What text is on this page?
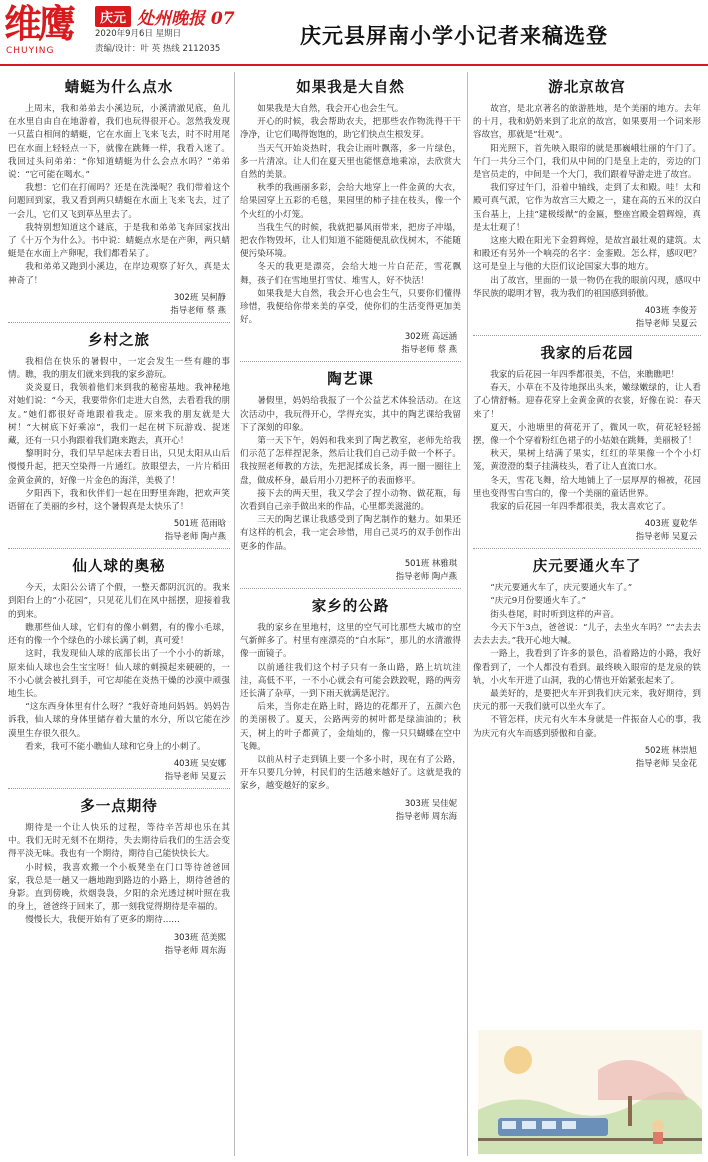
维鹰
CHUYING
庆元 处州晚报 07
2020年9月6日 星期日
责编/设计：叶 英 热线 2112035
庆元县屏南小学小记者来稿选登
蜻蜓为什么点水

上周末，我和弟弟去小溪边玩，小溪清澈见底，鱼儿在水里自由自在地游着，我们也玩得很开心。忽然我发现一只蓝白相间的蜻蜓，它在水面上飞来飞去，时不时用尾巴在水面上轻轻点一下，就像在跳舞一样，我看入迷了。我回过头问弟弟：“你知道蜻蜓为什么会点水吗？”弟弟说：“它可能在喝水。”

我想：它们在打闹吗？还是在洗澡呢？我们带着这个问题回到家，我又看到两只蜻蜓在水面上飞来飞去，过了一会儿，它们又飞到草丛里去了。

我特别想知道这个谜底，于是我和弟弟飞奔回家找出了《十万个为什么》。书中说：蜻蜓点水是在产卵，两只蜻蜓是在水面上产卵呢，我们都看呆了。

我和弟弟又跑到小溪边，在岸边观察了好久，真是太神奇了！

302班 吴柯静
指导老师 蔡 燕
乡村之旅

我相信在快乐的暑假中，一定会发生一些有趣的事情。瞧，我的朋友们就来到我的家乡游玩。

炎炎夏日，我领着他们来到我的秘密基地。我神秘地对她们说：“今天，我要带你们走进大自然，去看看我的朋友。”她们都很好奇地跟着我走。原来我的朋友就是大树！“大树底下好乘凉”，我们一起在树下玩游戏、捉迷藏，还有一只小狗跟着我们跑来跑去，真开心！

黎明时分，我们早早起床去看日出，只见太阳从山后慢慢升起，把天空染得一片通红。放眼望去，一片片稻田金黄金黄的，好像一片金色的海洋，美极了！

夕阳西下，我和伙伴们一起在田野里奔跑，把欢声笑语留在了美丽的乡村，这个暑假真是太快乐了！

501班 范雨晗
指导老师 陶卢燕
仙人球的奥秘

今天，太阳公公请了个假，一整天都阴沉沉的。我来到阳台上的“小花园”，只见花儿们在风中摇摆，迎接着我的到来。

瞧那些仙人球，它们有的像小刺猬，有的像小毛球，还有的像一个个绿色的小球长满了刺，真可爱！

这时，我发现仙人球的底部长出了一个小小的新球，原来仙人球也会生宝宝呀！仙人球的刺摸起来硬硬的，一不小心就会被扎到手，可它却能在炎热干燥的沙漠中顽强地生长。

“这东西身体里有什么呀？”我好奇地问妈妈。妈妈告诉我，仙人球的身体里储存着大量的水分，所以它能在沙漠里生存很久很久。

看来，我可不能小瞧仙人球和它身上的小刺了。

403班 吴安娜
指导老师 吴夏云
多一点期待

期待是一个让人快乐的过程，等待辛苦却也乐在其中。我们无时无刻不在期待，失去期待后我们的生活会变得平淡无味。我也有一个期待，期待自己能快快长大。

小时候，我喜欢搬一个小板凳坐在门口等待爸爸回家，我总是一趟又一趟地跑到路边的小路上，期待爸爸的身影。直到傍晚，炊烟袅袅，夕阳的余光透过树叶照在我的身上，爸爸终于回来了，那一刻我觉得期待是幸福的。

慢慢长大，我便开始有了更多的期待……

303班 范美熙
指导老师 周东海
如果我是大自然

如果我是大自然，我会开心也会生气。

开心的时候，我会帮助农夫，把那些农作物洗得干干净净，让它们喝得饱饱的，助它们快点生根发芽。

当天气开始炎热时，我会让雨叶飘落，多一片绿色，多一片清凉。让人们在夏天里也能惬意地乘凉，去欣赏大自然的美景。

秋季的我画丽多彩，会给大地穿上一件金黄的大衣，给果园穿上五彩的毛毯，果园里的柿子挂在枝头，像一个个火红的小灯笼。

当我生气的时候，我就把暴风雨带来，把房子冲塌，把农作物毁坏，让人们知道不能随便乱砍伐树木，不能随便污染环境。

冬天的我更是漂亮，会给大地一片白茫茫，雪花飘舞，孩子们在雪地里打雪仗、堆雪人，好不快活！

如果我是大自然，我会开心也会生气，只要你们懂得珍惜，我便给你带来美的享受，使你们的生活变得更加美好。

302班 高远涵
指导老师 蔡 燕
陶艺课

暑假里，妈妈给我报了一个公益艺术体验活动。在这次活动中，我玩得开心，学得充实，其中的陶艺课给我留下了深刻的印象。

第一天下午，妈妈和我来到了陶艺教室，老师先给我们示范了怎样捏泥条，然后让我们自己动手做一个杯子。我按照老师教的方法，先把泥揉成长条，再一圈一圈往上盘，做成杯身，最后用小刀把杯子的表面修平。

接下去的两天里，我又学会了捏小动物、做花瓶，每次看到自己亲手做出来的作品，心里都美滋滋的。

三天的陶艺课让我感受到了陶艺制作的魅力。如果还有这样的机会，我一定会珍惜，用自己灵巧的双手创作出更多的作品。

501班 林雅琪
指导老师 陶卢燕
家乡的公路

我的家乡在里地村，这里的空气可比那些大城市的空气新鲜多了。村里有座漂亮的“白水际”，那儿的水清澈得像一面镜子。

以前通往我们这个村子只有一条山路，路上坑坑洼洼，高低不平，一不小心就会有可能会跌跤呢，路的两旁还长满了杂草，一到下雨天就满是泥泞。

后来，当你走在路上时，路边的花都开了，五颜六色的美丽极了。夏天，公路两旁的树叶都是绿油油的；秋天，树上的叶子都黄了，金灿灿的，像一只只蝴蝶在空中飞舞。

以前从村子走到镇上要一个多小时，现在有了公路，开车只要几分钟，村民们的生活越来越好了。这就是我的家乡，越变越好的家乡。

303班 吴佳妮
指导老师 周东海
游北京故宫

故宫，是北京著名的旅游胜地，是个美丽的地方。去年的十月，我和奶奶来到了北京的故宫，如果要用一个词来形容故宫，那就是“壮观”。

阳光照下，首先映入眼帘的就是那巍峨壮丽的午门了。午门一共分三个门，我们从中间的门是皇上走的，旁边的门是官员走的，中间是一个大门，我们跟着导游走进了故宫。

我们穿过午门，沿着中轴线，走到了太和殿。哇！太和殿可真气派，它作为故宫三大殿之一，建在高的五米的汉白玉台基上，上挂“建极绥猷”的金匾，整座宫殿金碧辉煌，真是太壮观了！

这座大殿在阳光下金碧辉煌，是故宫最壮观的建筑。太和殿还有另外一个响亮的名字：金銮殿。怎么样，感叹吧？这可是皇上与他的大臣们议论国家大事的地方。

出了故宫，里面的一景一物仍在我的眼前闪现，感叹中华民族的聪明才智，我为我们的祖国感到骄傲。

403班 李俊芳
指导老师 吴夏云
我家的后花园

我家的后花园一年四季都很美，不信，来瞧瞧吧！

春天，小草在不及待地探出头来，嫩绿嫩绿的，让人看了心情舒畅。迎春花穿上金黄金黄的衣裳，好像在说：春天来了！

夏天，小池塘里的荷花开了，微风一吹，荷花轻轻摇摆，像一个个穿着粉红色裙子的小姑娘在跳舞，美丽极了！

秋天，果树上结满了果实，红红的苹果像一个个小灯笼，黄澄澄的梨子挂满枝头，看了让人直流口水。

冬天，雪花飞舞，给大地铺上了一层厚厚的棉被，花园里也变得雪白雪白的，像一个美丽的童话世界。

我家的后花园一年四季都很美，我太喜欢它了。

403班 夏乾华
指导老师 吴夏云
庆元要通火车了

“庆元要通火车了，庆元要通火车了。”

“庆元9月份要通火车了。”

街头巷尾，时时听到这样的声音。

今天下午3点，爸爸说：“儿子，去坐火车吗？”“去去去去去去去。”我开心地大喊。

一路上，我看到了许多的景色，沿着路边的小路，我好像看到了，一个人都没有看到。最终映入眼帘的是龙泉的铁轨，小火车开进了山洞，我的心情也开始紧张起来了。

最美好的，是要把火车开到我们庆元来，我好期待，到庆元的那一天我们就可以坐火车了。

不管怎样，庆元有火车本身就是一件振奋人心的事，我为庆元有火车而感到骄傲和自豪。

502班 林崇旭
指导老师 吴金花
